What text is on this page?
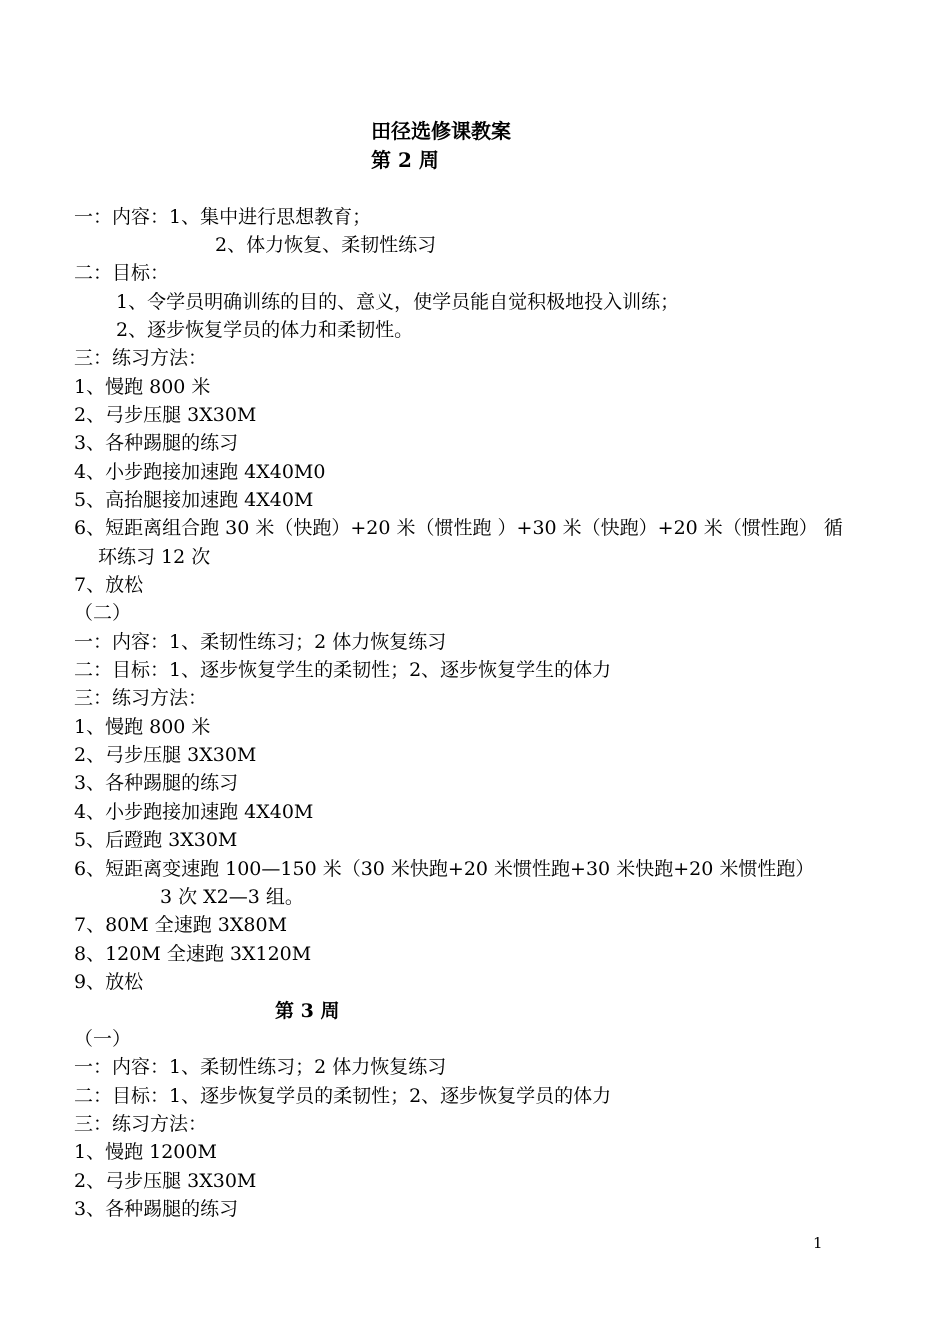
田径选修课教案
第 2 周
一：内容：1、集中进行思想教育；
2、体力恢复、柔韧性练习
二：目标：
1、令学员明确训练的目的、意义，使学员能自觉积极地投入训练；
2、逐步恢复学员的体力和柔韧性。
三：练习方法：
1、慢跑 800 米
2、弓步压腿 3X30M
3、各种踢腿的练习
4、小步跑接加速跑 4X40M0
5、高抬腿接加速跑 4X40M
6、短距离组合跑 30 米（快跑）+20 米（惯性跑 ）+30 米（快跑）+20 米（惯性跑） 循
环练习 12 次
7、放松
（二）
一：内容：1、柔韧性练习；2 体力恢复练习
二：目标：1、逐步恢复学生的柔韧性；2、逐步恢复学生的体力
三：练习方法：
1、慢跑 800 米
2、弓步压腿 3X30M
3、各种踢腿的练习
4、小步跑接加速跑 4X40M
5、后蹬跑 3X30M
6、短距离变速跑 100—150 米（30 米快跑+20 米惯性跑+30 米快跑+20 米惯性跑）
3 次 X2—3 组。
7、80M 全速跑 3X80M
8、120M 全速跑 3X120M
9、放松
第 3 周
（一）
一：内容：1、柔韧性练习；2 体力恢复练习
二：目标：1、逐步恢复学员的柔韧性；2、逐步恢复学员的体力
三：练习方法：
1、慢跑 1200M
2、弓步压腿 3X30M
3、各种踢腿的练习
1
